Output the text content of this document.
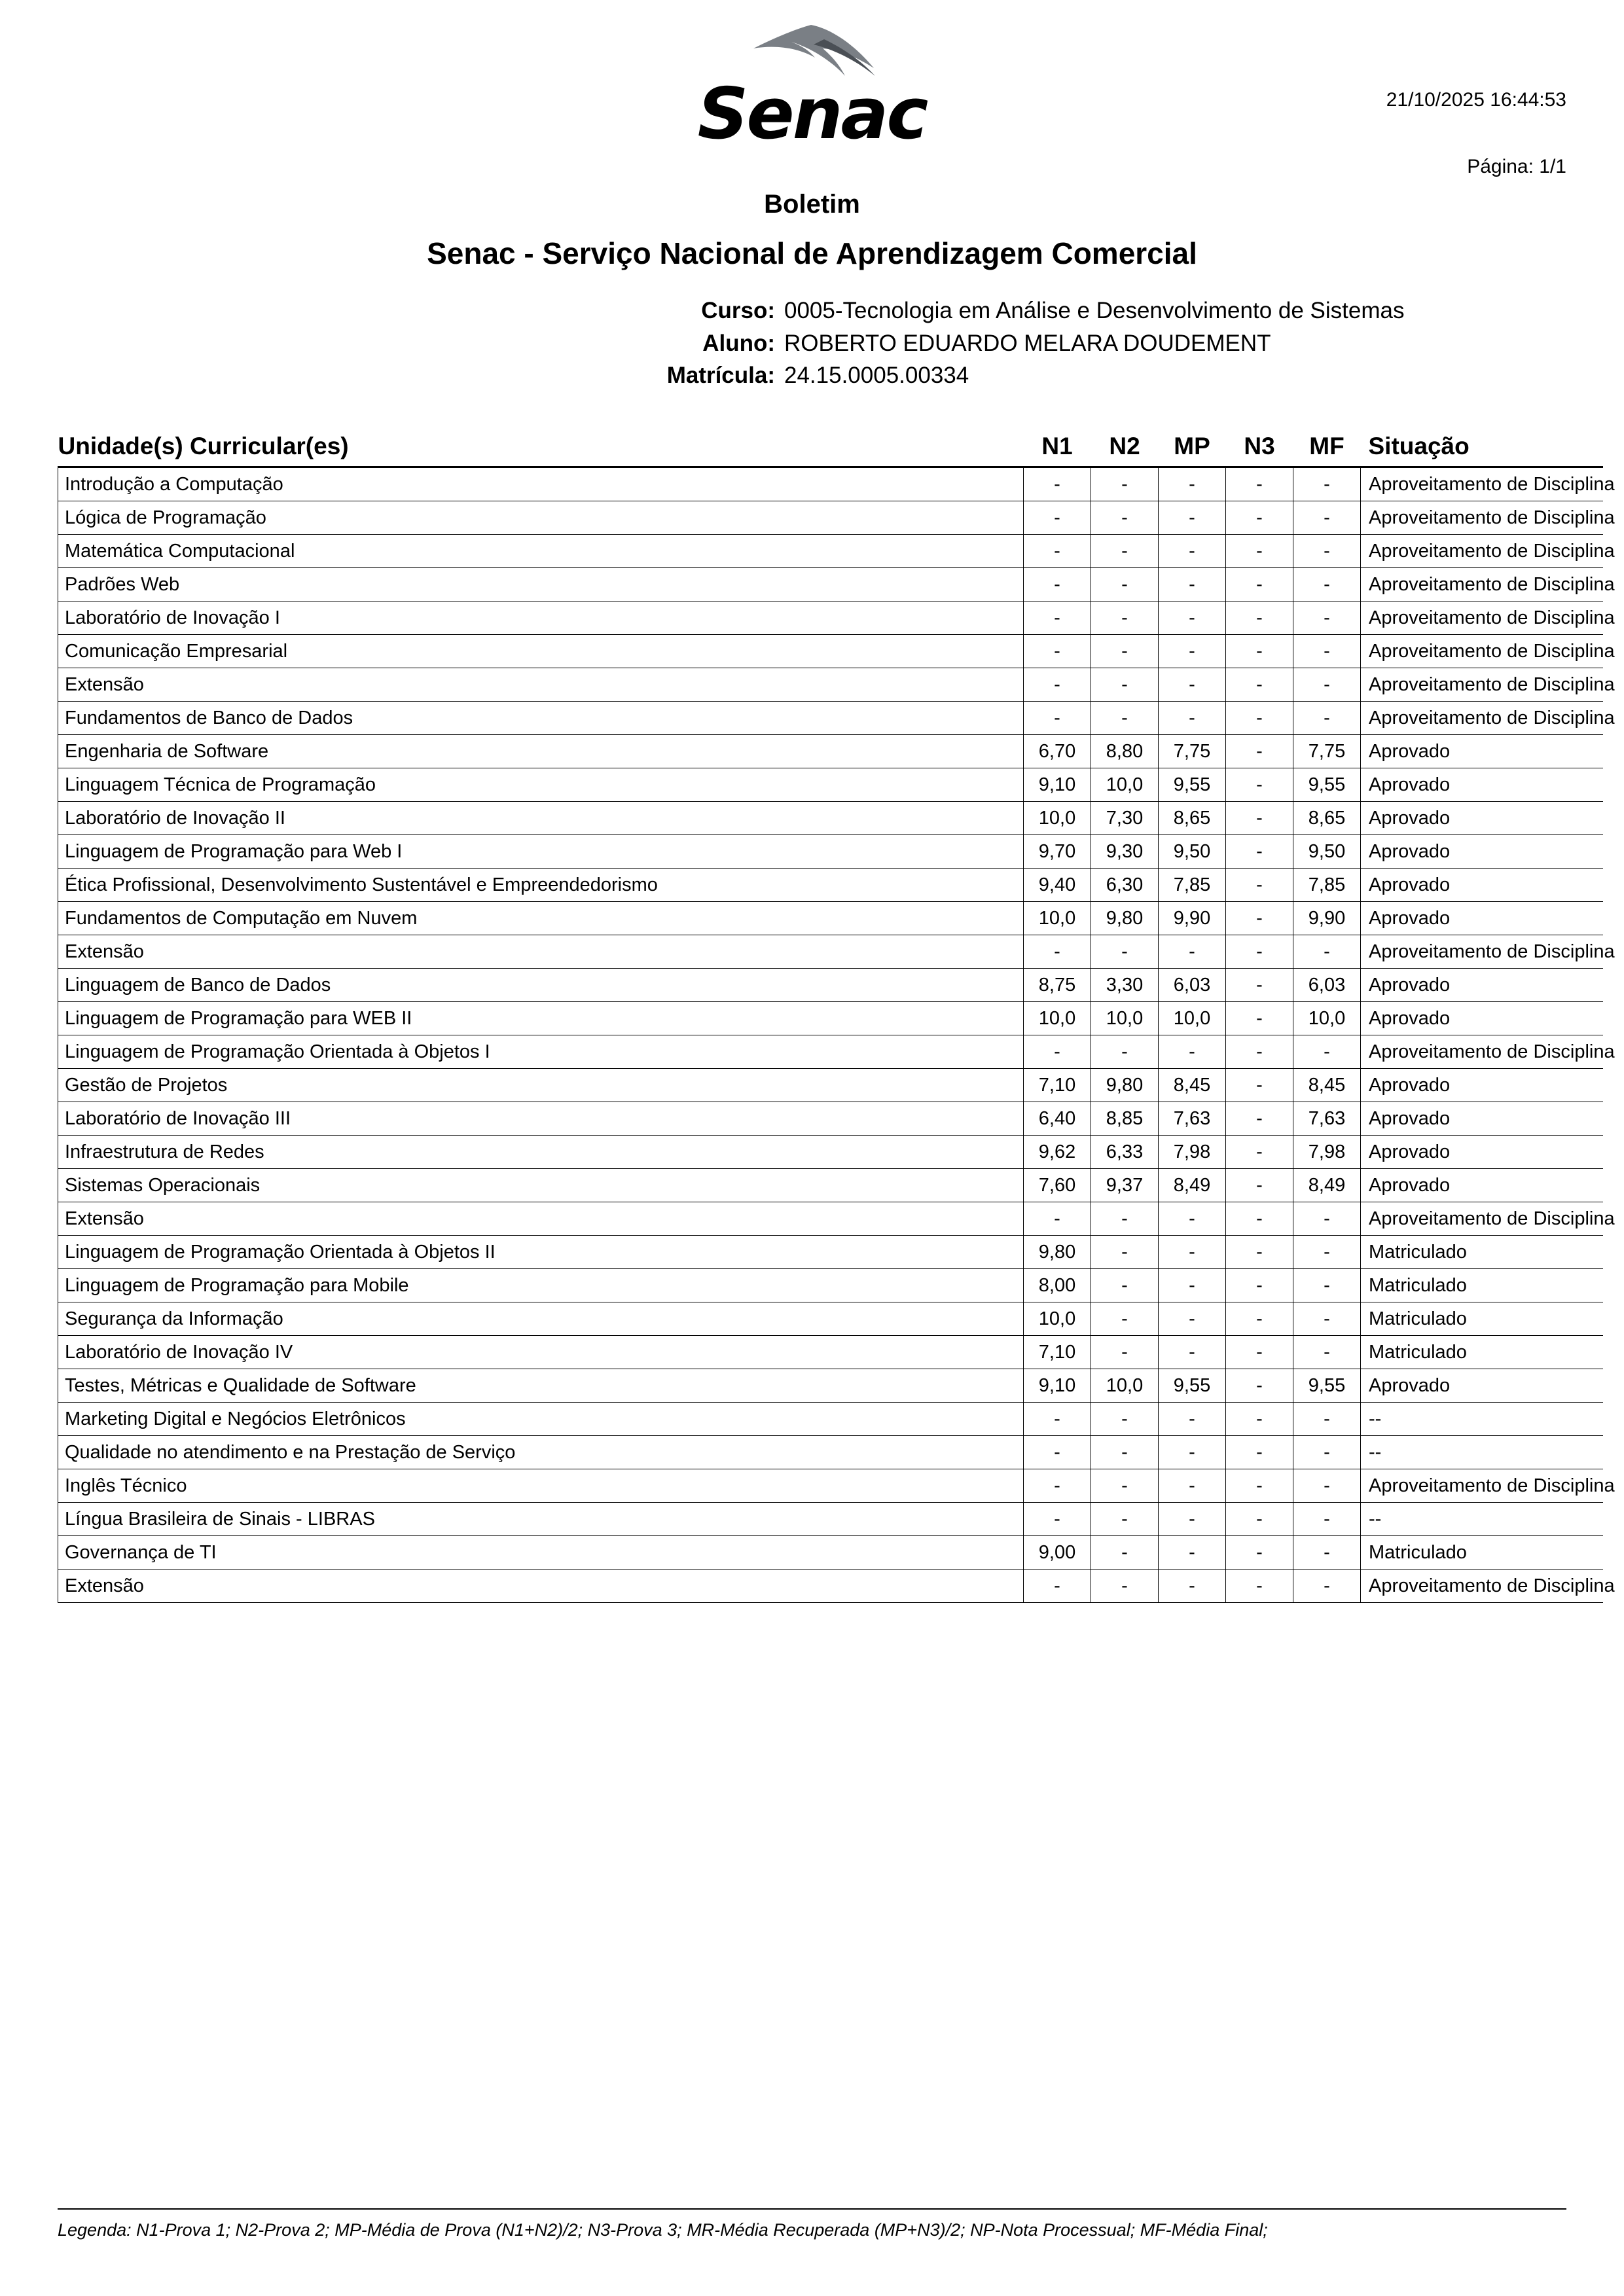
21/10/2025 16:44:53
Página: 1/1
Senac
Boletim
Senac - Serviço Nacional de Aprendizagem Comercial
Curso: 0005-Tecnologia em Análise e Desenvolvimento de Sistemas
Aluno: ROBERTO EDUARDO MELARA DOUDEMENT
Matrícula: 24.15.0005.00334
Unidade(s) Curricular(es)	N1	N2	MP	N3	MF	Situação
Introdução a Computação	-	-	-	-	-	Aproveitamento de Disciplina

Lógica de Programação	-	-	-	-	-	Aproveitamento de Disciplina

Matemática Computacional	-	-	-	-	-	Aproveitamento de Disciplina

Padrões Web	-	-	-	-	-	Aproveitamento de Disciplina

Laboratório de Inovação I	-	-	-	-	-	Aproveitamento de Disciplina

Comunicação Empresarial	-	-	-	-	-	Aproveitamento de Disciplina

Extensão	-	-	-	-	-	Aproveitamento de Disciplina

Fundamentos de Banco de Dados	-	-	-	-	-	Aproveitamento de Disciplina

Engenharia de Software	6,70	8,80	7,75	-	7,75	Aprovado

Linguagem Técnica de Programação	9,10	10,0	9,55	-	9,55	Aprovado

Laboratório de Inovação II	10,0	7,30	8,65	-	8,65	Aprovado

Linguagem de Programação para Web I	9,70	9,30	9,50	-	9,50	Aprovado

Ética Profissional, Desenvolvimento Sustentável e Empreendedorismo	9,40	6,30	7,85	-	7,85	Aprovado

Fundamentos de Computação em Nuvem	10,0	9,80	9,90	-	9,90	Aprovado

Extensão	-	-	-	-	-	Aproveitamento de Disciplina

Linguagem de Banco de Dados	8,75	3,30	6,03	-	6,03	Aprovado

Linguagem de Programação para WEB II	10,0	10,0	10,0	-	10,0	Aprovado

Linguagem de Programação Orientada à Objetos I	-	-	-	-	-	Aproveitamento de Disciplina

Gestão de Projetos	7,10	9,80	8,45	-	8,45	Aprovado

Laboratório de Inovação III	6,40	8,85	7,63	-	7,63	Aprovado

Infraestrutura de Redes	9,62	6,33	7,98	-	7,98	Aprovado

Sistemas Operacionais	7,60	9,37	8,49	-	8,49	Aprovado

Extensão	-	-	-	-	-	Aproveitamento de Disciplina

Linguagem de Programação Orientada à Objetos II	9,80	-	-	-	-	Matriculado

Linguagem de Programação para Mobile	8,00	-	-	-	-	Matriculado

Segurança da Informação	10,0	-	-	-	-	Matriculado

Laboratório de Inovação IV	7,10	-	-	-	-	Matriculado

Testes, Métricas e Qualidade de Software	9,10	10,0	9,55	-	9,55	Aprovado

Marketing Digital e Negócios Eletrônicos	-	-	-	-	-	--

Qualidade no atendimento e na Prestação de Serviço	-	-	-	-	-	--

Inglês Técnico	-	-	-	-	-	Aproveitamento de Disciplina

Língua Brasileira de Sinais - LIBRAS	-	-	-	-	-	--

Governança de TI	9,00	-	-	-	-	Matriculado

Extensão	-	-	-	-	-	Aproveitamento de Disciplina
Legenda: N1-Prova 1; N2-Prova 2; MP-Média de Prova (N1+N2)/2; N3-Prova 3; MR-Média Recuperada (MP+N3)/2; NP-Nota Processual; MF-Média Final;
